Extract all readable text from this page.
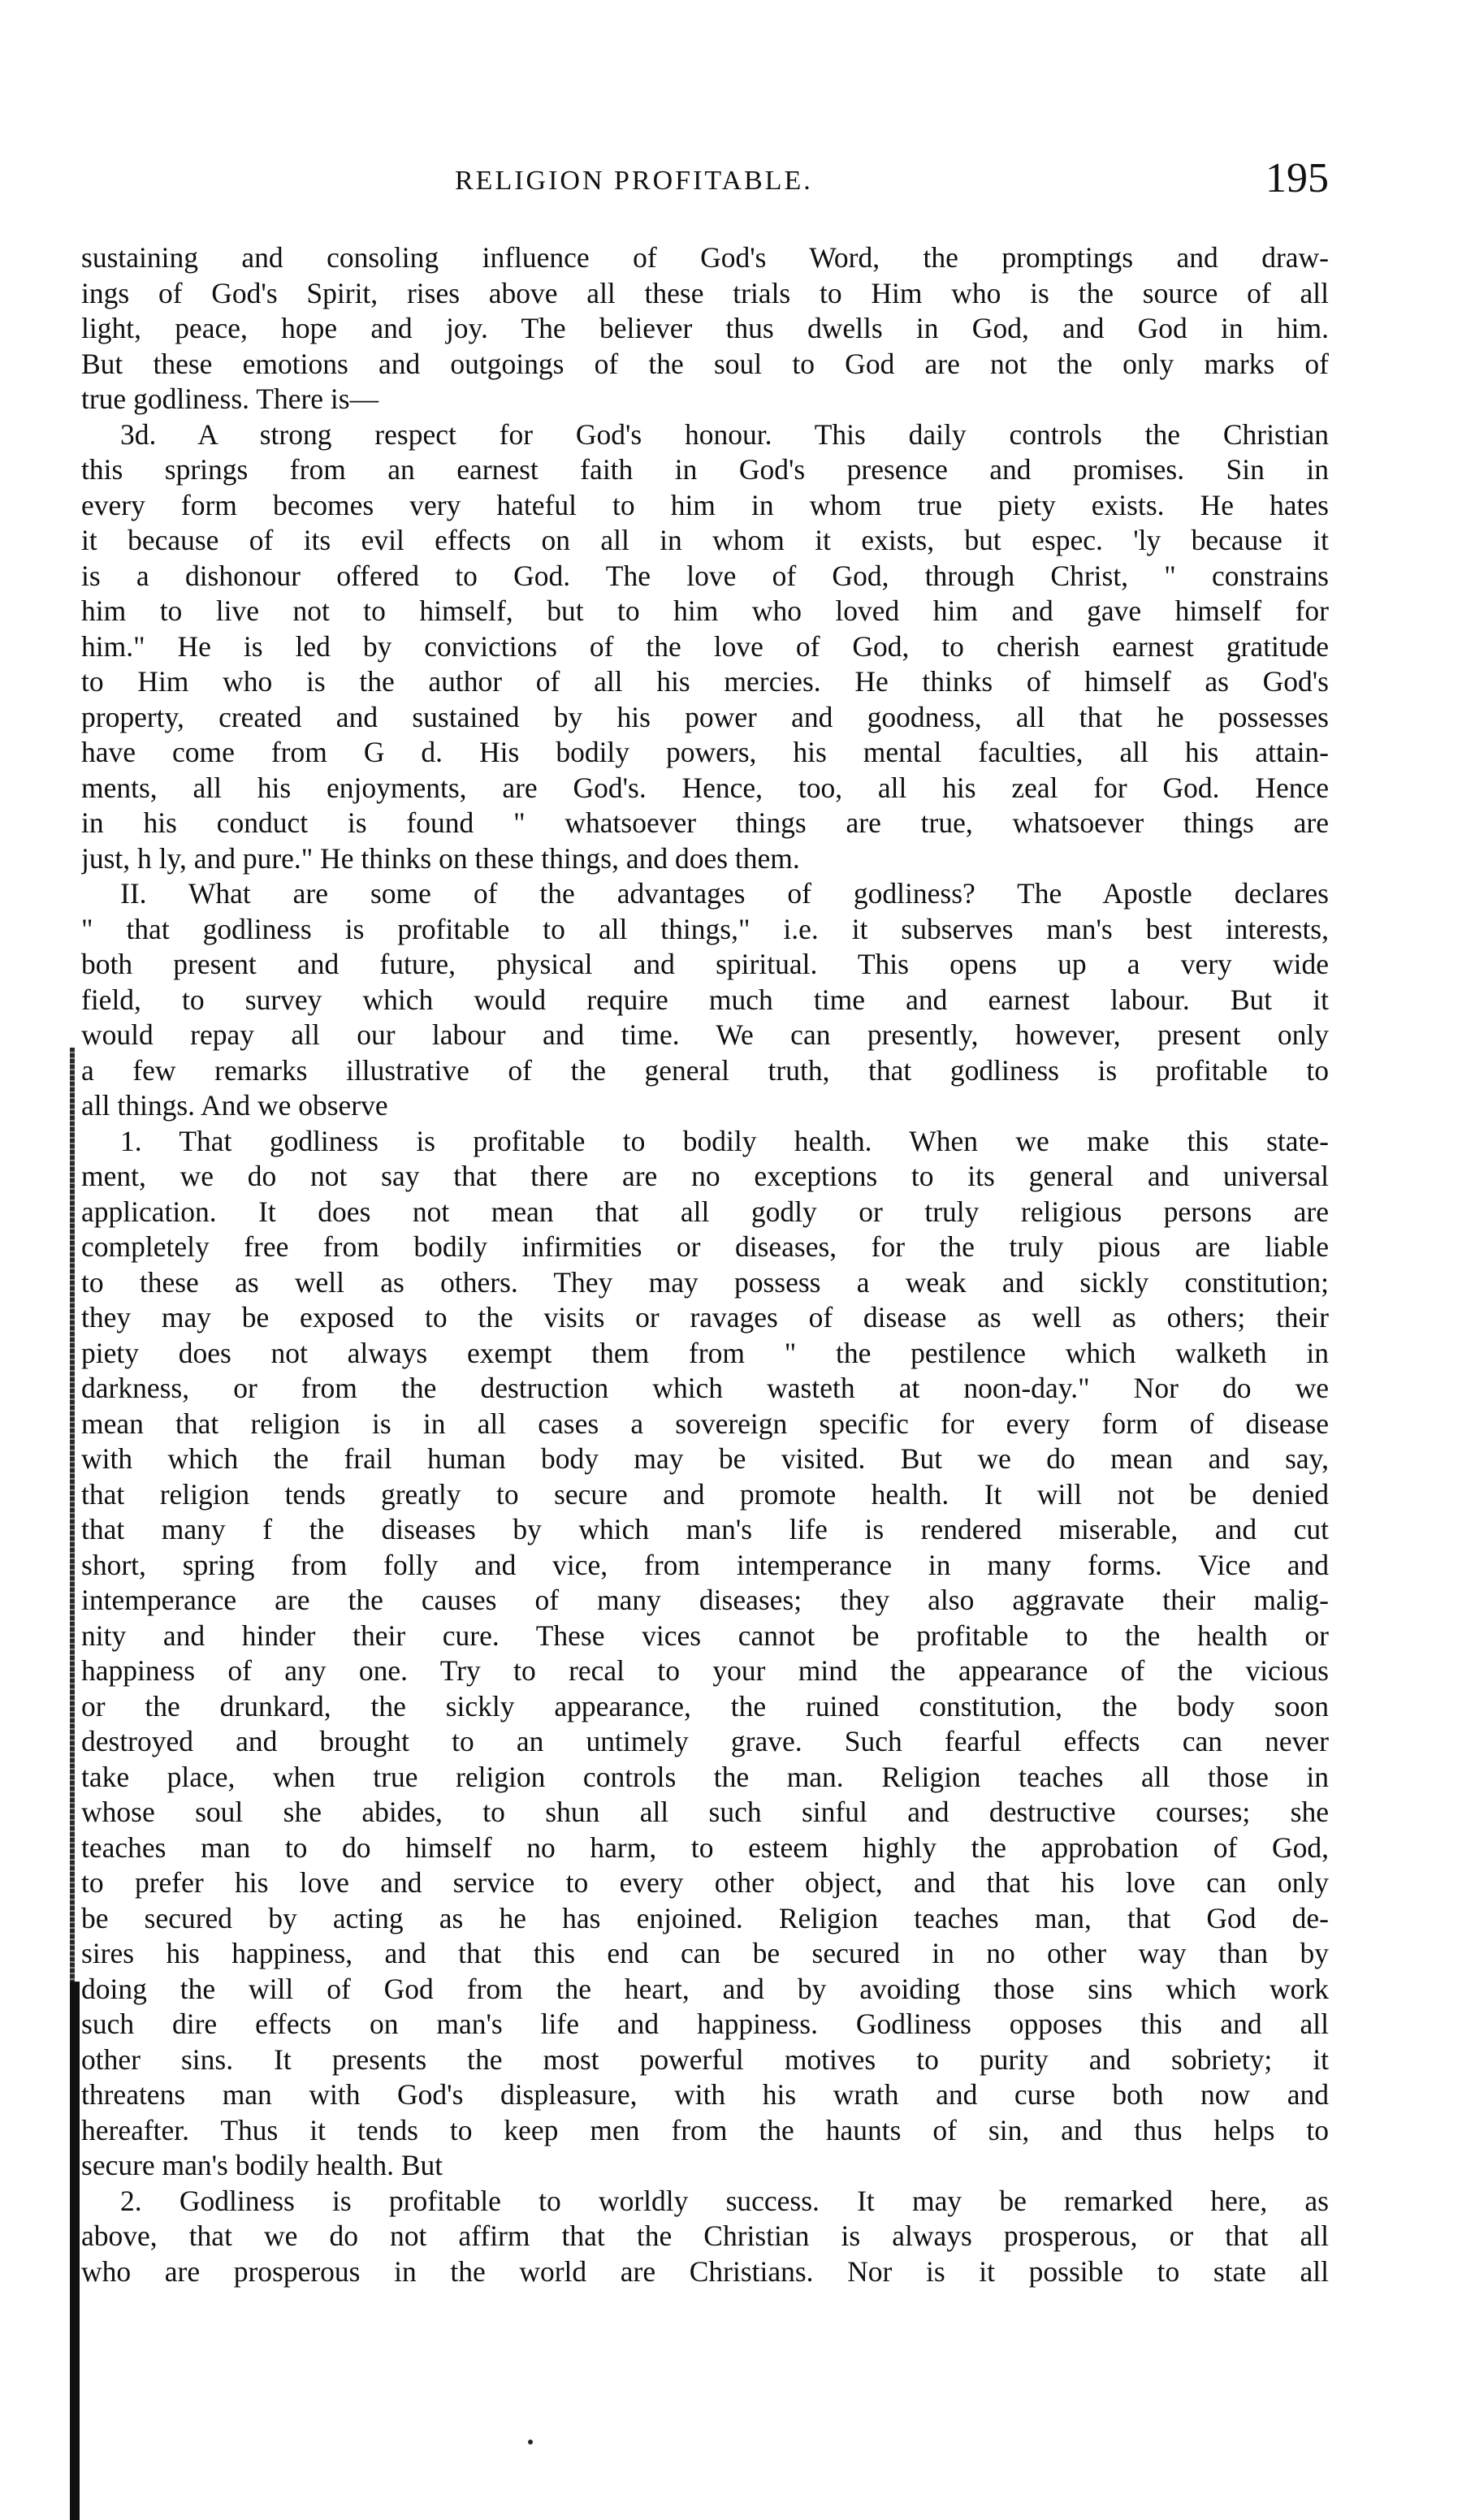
RELIGION PROFITABLE.	195
sustaining and consoling influence of God's Word, the promptings and draw-
ings of God's Spirit, rises above all these trials to Him who is the source of all
light, peace, hope and joy. The believer thus dwells in God, and God in him.
But these emotions and outgoings of the soul to God are not the only marks of
true godliness. There is—
3d. A strong respect for God's honour. This daily controls the Christian
this springs from an earnest faith in God's presence and promises. Sin in
every form becomes very hateful to him in whom true piety exists. He hates
it because of its evil effects on all in whom it exists, but espec. 'ly because it
is a dishonour offered to God. The love of God, through Christ, " constrains
him to live not to himself, but to him who loved him and gave himself for
him." He is led by convictions of the love of God, to cherish earnest gratitude
to Him who is the author of all his mercies. He thinks of himself as God's
property, created and sustained by his power and goodness, all that he possesses
have come from G d. His bodily powers, his mental faculties, all his attain-
ments, all his enjoyments, are God's. Hence, too, all his zeal for God. Hence
in his conduct is found " whatsoever things are true, whatsoever things are
just, h ly, and pure." He thinks on these things, and does them.
II. What are some of the advantages of godliness? The Apostle declares
" that godliness is profitable to all things," i.e. it subserves man's best interests,
both present and future, physical and spiritual. This opens up a very wide
field, to survey which would require much time and earnest labour. But it
would repay all our labour and time. We can presently, however, present only
a few remarks illustrative of the general truth, that godliness is profitable to
all things. And we observe
1. That godliness is profitable to bodily health. When we make this state-
ment, we do not say that there are no exceptions to its general and universal
application. It does not mean that all godly or truly religious persons are
completely free from bodily infirmities or diseases, for the truly pious are liable
to these as well as others. They may possess a weak and sickly constitution;
they may be exposed to the visits or ravages of disease as well as others; their
piety does not always exempt them from " the pestilence which walketh in
darkness, or from the destruction which wasteth at noon-day." Nor do we
mean that religion is in all cases a sovereign specific for every form of disease
with which the frail human body may be visited. But we do mean and say,
that religion tends greatly to secure and promote health. It will not be denied
that many f the diseases by which man's life is rendered miserable, and cut
short, spring from folly and vice, from intemperance in many forms. Vice and
intemperance are the causes of many diseases; they also aggravate their malig-
nity and hinder their cure. These vices cannot be profitable to the health or
happiness of any one. Try to recal to your mind the appearance of the vicious
or the drunkard, the sickly appearance, the ruined constitution, the body soon
destroyed and brought to an untimely grave. Such fearful effects can never
take place, when true religion controls the man. Religion teaches all those in
whose soul she abides, to shun all such sinful and destructive courses; she
teaches man to do himself no harm, to esteem highly the approbation of God,
to prefer his love and service to every other object, and that his love can only
be secured by acting as he has enjoined. Religion teaches man, that God de-
sires his happiness, and that this end can be secured in no other way than by
doing the will of God from the heart, and by avoiding those sins which work
such dire effects on man's life and happiness. Godliness opposes this and all
other sins. It presents the most powerful motives to purity and sobriety; it
threatens man with God's displeasure, with his wrath and curse both now and
hereafter. Thus it tends to keep men from the haunts of sin, and thus helps to
secure man's bodily health. But
2. Godliness is profitable to worldly success. It may be remarked here, as
above, that we do not affirm that the Christian is always prosperous, or that all
who are prosperous in the world are Christians. Nor is it possible to state all
